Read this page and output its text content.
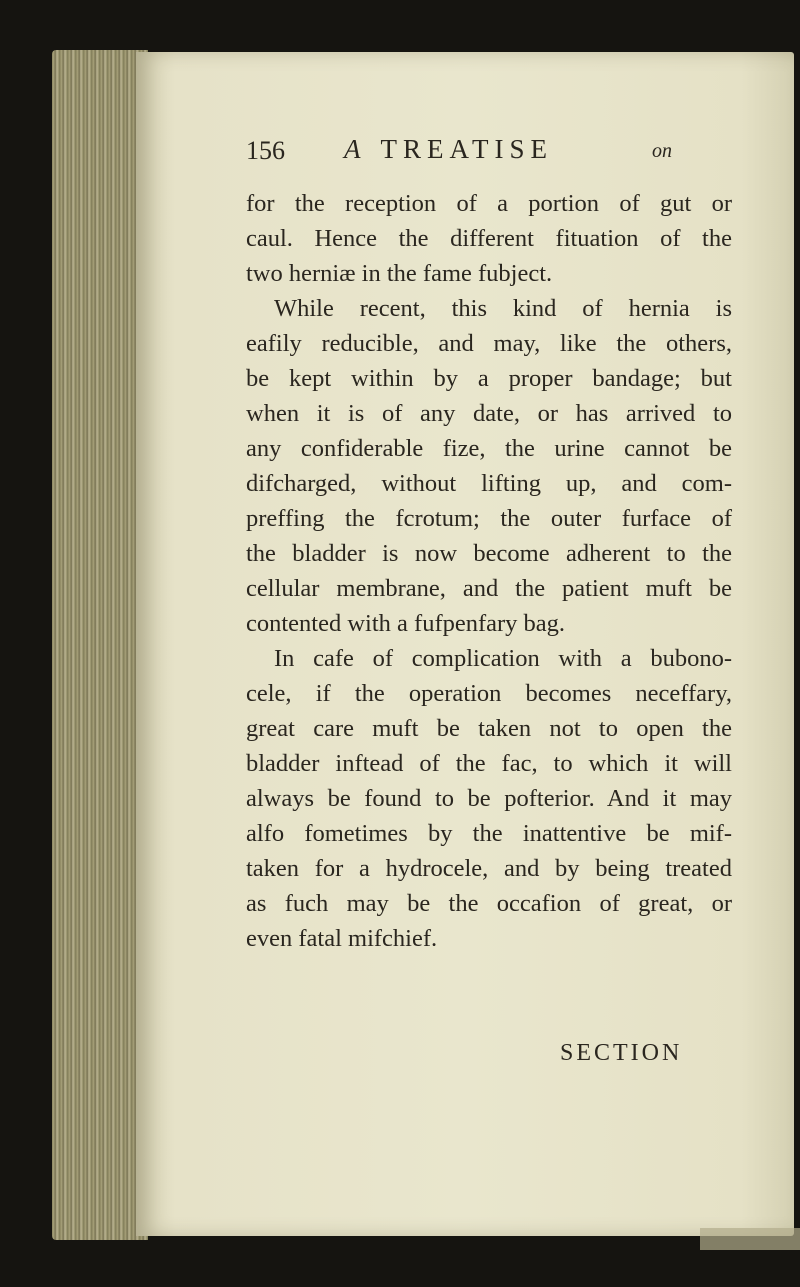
156 A TREATISE	on
for the reception of a portion of gut or
caul. Hence the different fituation of the
two herniæ in the fame fubject.
While recent, this kind of hernia is
eafily reducible, and may, like the others,
be kept within by a proper bandage; but
when it is of any date, or has arrived to
any confiderable fize, the urine cannot be
difcharged, without lifting up, and com-
preffing the fcrotum; the outer furface of
the bladder is now become adherent to the
cellular membrane, and the patient muft be
contented with a fufpenfary bag.
In cafe of complication with a bubono-
cele, if the operation becomes neceffary,
great care muft be taken not to open the
bladder inftead of the fac, to which it will
always be found to be pofterior. And it may
alfo fometimes by the inattentive be mif-
taken for a hydrocele, and by being treated
as fuch may be the occafion of great, or
even fatal mifchief.
SECTION
